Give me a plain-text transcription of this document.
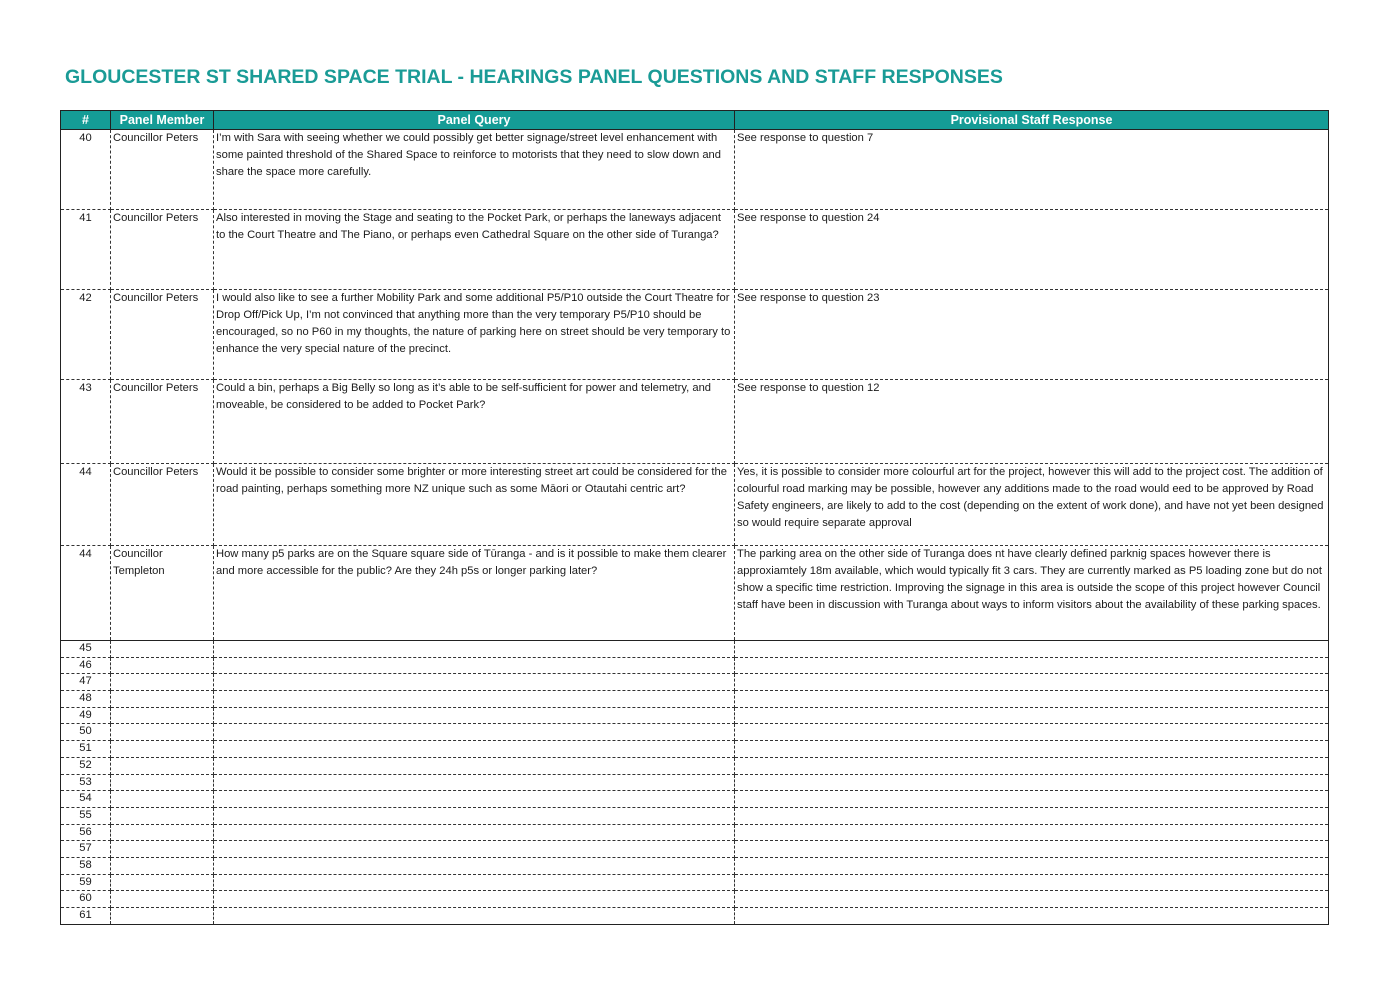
GLOUCESTER ST SHARED SPACE TRIAL - HEARINGS PANEL QUESTIONS AND STAFF RESPONSES
#	Panel Member	Panel Query	Provisional Staff Response
40	Councillor Peters	I’m with Sara with seeing whether we could possibly get better signage/street level enhancement with some painted threshold of the Shared Space to reinforce to motorists that they need to slow down and share the space more carefully.	See response to question 7
41	Councillor Peters	Also interested in moving the Stage and seating to the Pocket Park, or perhaps the laneways adjacent to the Court Theatre and The Piano, or perhaps even Cathedral Square on the other side of Turanga?	See response to question 24
42	Councillor Peters	I would also like to see a further Mobility Park and some additional P5/P10 outside the Court Theatre for Drop Off/Pick Up, I’m not convinced that anything more than the very temporary P5/P10 should be encouraged, so no P60 in my thoughts, the nature of parking here on street should be very temporary to enhance the very special nature of the precinct.	See response to question 23
43	Councillor Peters	Could a bin, perhaps a Big Belly so long as it’s able to be self-sufficient for power and telemetry, and moveable, be considered to be added to Pocket Park?	See response to question 12
44	Councillor Peters	Would it be possible to consider some brighter or more interesting street art could be considered for the road painting, perhaps something more NZ unique such as some Māori or Otautahi centric art?	Yes, it is possible to consider more colourful art for the project, however this will add to the project cost. The addition of colourful road marking may be possible, however any additions made to the road would eed to be approved by Road Safety engineers, are likely to add to the cost (depending on the extent of work done), and have not yet been designed so would require separate approval
44	Councillor Templeton	How many p5 parks are on the Square square side of Tūranga - and is it possible to make them clearer and more accessible for the public? Are they 24h p5s or longer parking later?	The parking area on the other side of Turanga does nt have clearly defined parknig spaces however there is approxiamtely 18m available, which would typically fit 3 cars. They are currently marked as P5 loading zone but do not show a specific time restriction. Improving the signage in this area is outside the scope of this project however Council staff have been in discussion with Turanga about ways to inform visitors about the availability of these parking spaces.
45			
46			
47			
48			
49			
50			
51			
52			
53			
54			
55			
56			
57			
58			
59			
60			
61			
